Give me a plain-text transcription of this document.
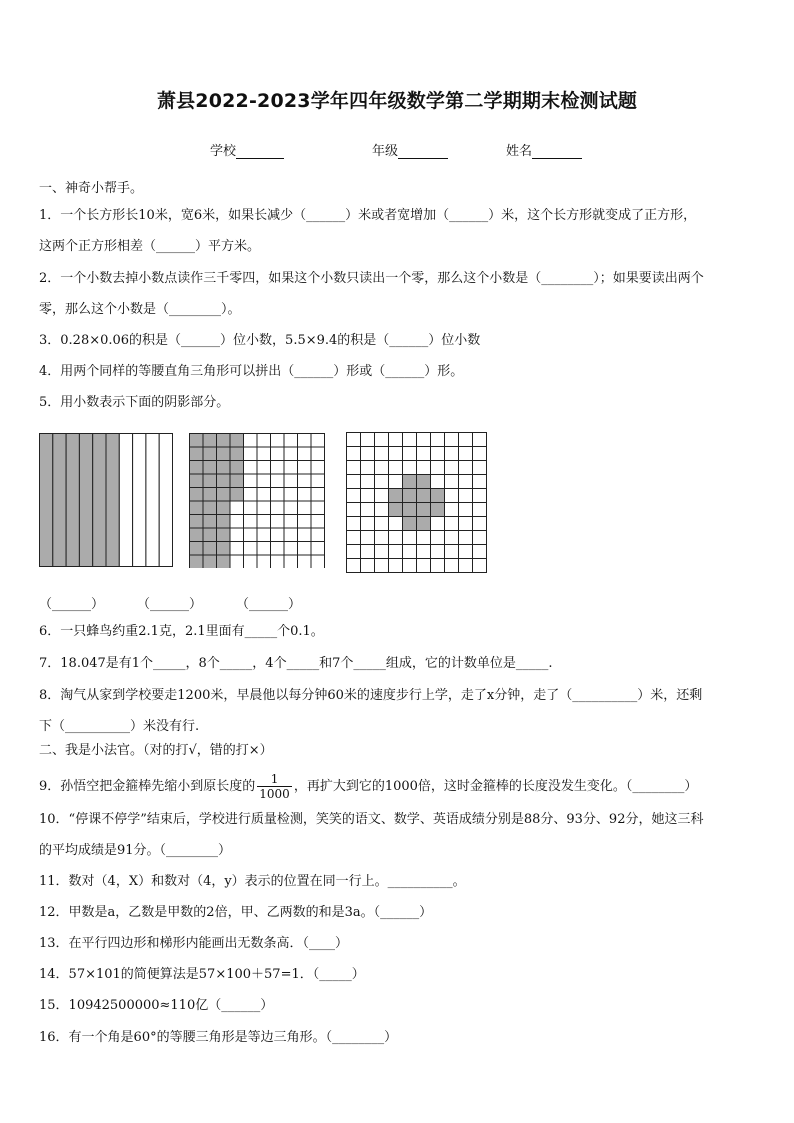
萧县2022-2023学年四年级数学第二学期期末检测试题
学校	年级	姓名
一、神奇小帮手。
1．一个长方形长10米，宽6米，如果长减少（______）米或者宽增加（______）米，这个长方形就变成了正方形，
这两个正方形相差（______）平方米。
2．一个小数去掉小数点读作三千零四，如果这个小数只读出一个零，那么这个小数是（________）；如果要读出两个
零，那么这个小数是（________）。
3．0.28×0.06的积是（______）位小数，5.5×9.4的积是（______）位小数
4．用两个同样的等腰直角三角形可以拼出（______）形或（______）形。
5．用小数表示下面的阴影部分。
（______）	（______）	（______）
6．一只蜂鸟约重2.1克，2.1里面有_____个0.1。
7．18.047是有1个_____，8个_____，4个_____和7个_____组成，它的计数单位是_____.
8．淘气从家到学校要走1200米，早晨他以每分钟60米的速度步行上学，走了x分钟，走了（__________）米，还剩
下（__________）米没有行.
二、我是小法官。（对的打√，错的打×）
9．孙悟空把金箍棒先缩小到原长度的 $\frac{1}{1000}$ ，再扩大到它的1000倍，这时金箍棒的长度没发生变化。（________）
10．“停课不停学”结束后，学校进行质量检测，笑笑的语文、数学、英语成绩分别是88分、93分、92分，她这三科
的平均成绩是91分。（________）
11．数对（4，X）和数对（4，y）表示的位置在同一行上。__________。
12．甲数是a，乙数是甲数的2倍，甲、乙两数的和是3a。（______）
13．在平行四边形和梯形内能画出无数条高．（____）
14．57×101的简便算法是57×100＋57=1．（_____）
15．10942500000≈110亿（______）
16．有一个角是60°的等腰三角形是等边三角形。（________）
